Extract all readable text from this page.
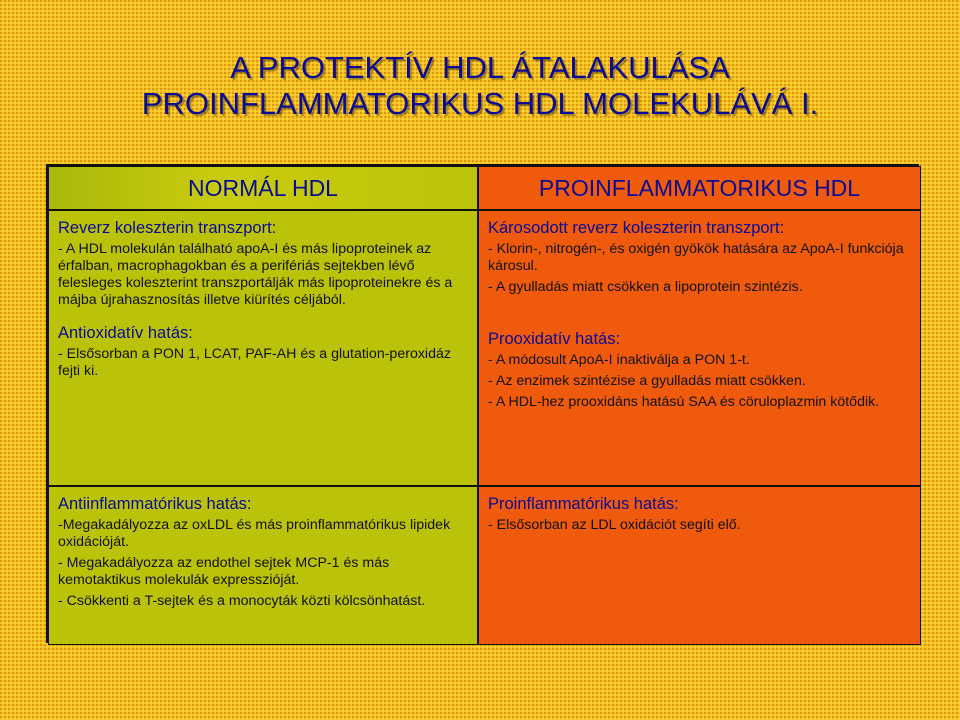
A PROTEKTÍV HDL ÁTALAKULÁSA
PROINFLAMMATORIKUS HDL MOLEKULÁVÁ I.
NORMÁL HDL	PROINFLAMMATORIKUS HDL
Reverz koleszterin transzport:
- A HDL molekulán található apoA-I és más lipoproteinek az érfalban, macrophagokban és a perifériás sejtekben lévő felesleges koleszterint transzportálják más lipoproteinekre és a májba újrahasznosítás illetve kiürítés céljából.
Antioxidatív hatás:
- Elsősorban a PON 1, LCAT, PAF-AH és a glutation-peroxidáz fejti ki.
Károsodott reverz koleszterin transzport:
- Klorin-, nitrogén-, és oxigén gyökök hatására az ApoA-I funkciója károsul.
- A gyulladás miatt csökken a lipoprotein szintézis.
Prooxidatív hatás:
- A módosult ApoA-I inaktiválja a PON 1-t.
- Az enzimek szintézise a gyulladás miatt csökken.
- A HDL-hez prooxidáns hatású SAA és cöruloplazmin kötődik.
Antiinflammatórikus hatás:
-Megakadályozza az oxLDL és más proinflammatórikus lipidek oxidációját.
- Megakadályozza az endothel sejtek MCP-1 és más kemotaktikus molekulák expresszióját.
- Csökkenti a T-sejtek és a monocyták közti kölcsönhatást.
Proinflammatórikus hatás:
- Elsősorban az LDL oxidációt segíti elő.
